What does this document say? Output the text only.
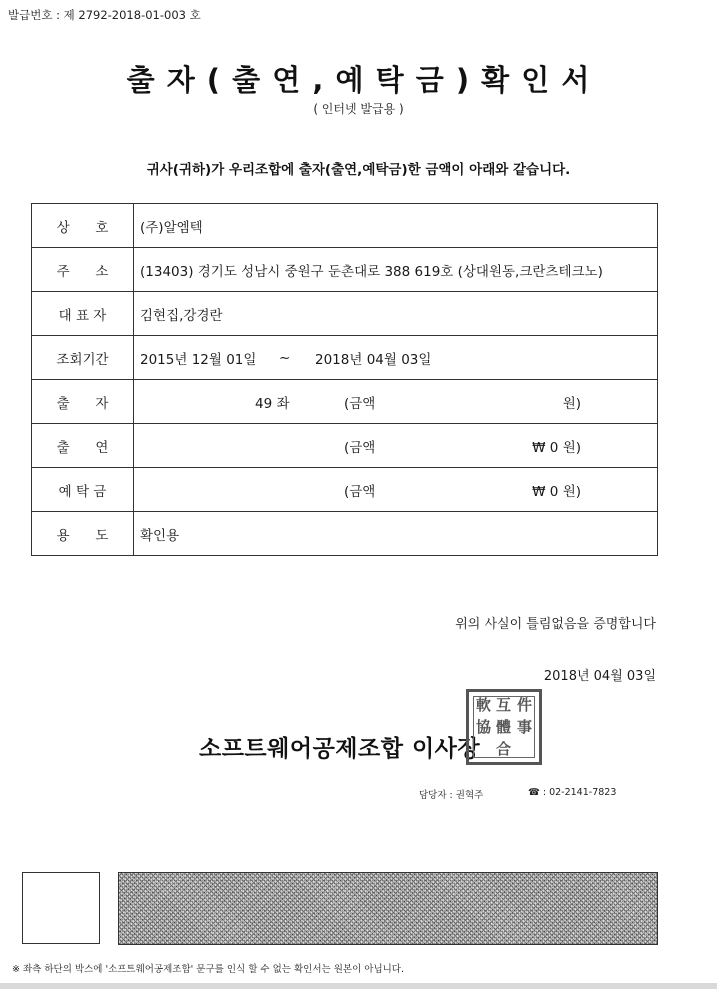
발급번호 : 제 2792-2018-01-003 호
출 자 ( 출 연 , 예 탁 금 ) 확 인 서
( 인터넷 발급용 )
귀사(귀하)가 우리조합에 출자(출연,예탁금)한 금액이 아래와 같습니다.
상      호	(주)알엠텍
주      소	(13403) 경기도 성남시 중원구 둔촌대로 388 619호 (상대원동,크란츠테크노)
대 표 자	김현집,강경란
조회기간	2015년 12월 01일 ~ 2018년 04월 03일

출      자	49 좌 (금액 원)

출      연	(금액 ₩ 0 원)

예 탁 금	(금액 ₩ 0 원)

용      도	확인용
위의 사실이 틀림없음을 증명합니다
2018년 04월 03일
소프트웨어공제조합 이사장
軟 互 件
協 體 事
合
담당자 : 권혁주	☎ : 02-2141-7823
※ 좌측 하단의 박스에 '소프트웨어공제조합' 문구를 인식 할 수 없는 확인서는 원본이 아닙니다.
